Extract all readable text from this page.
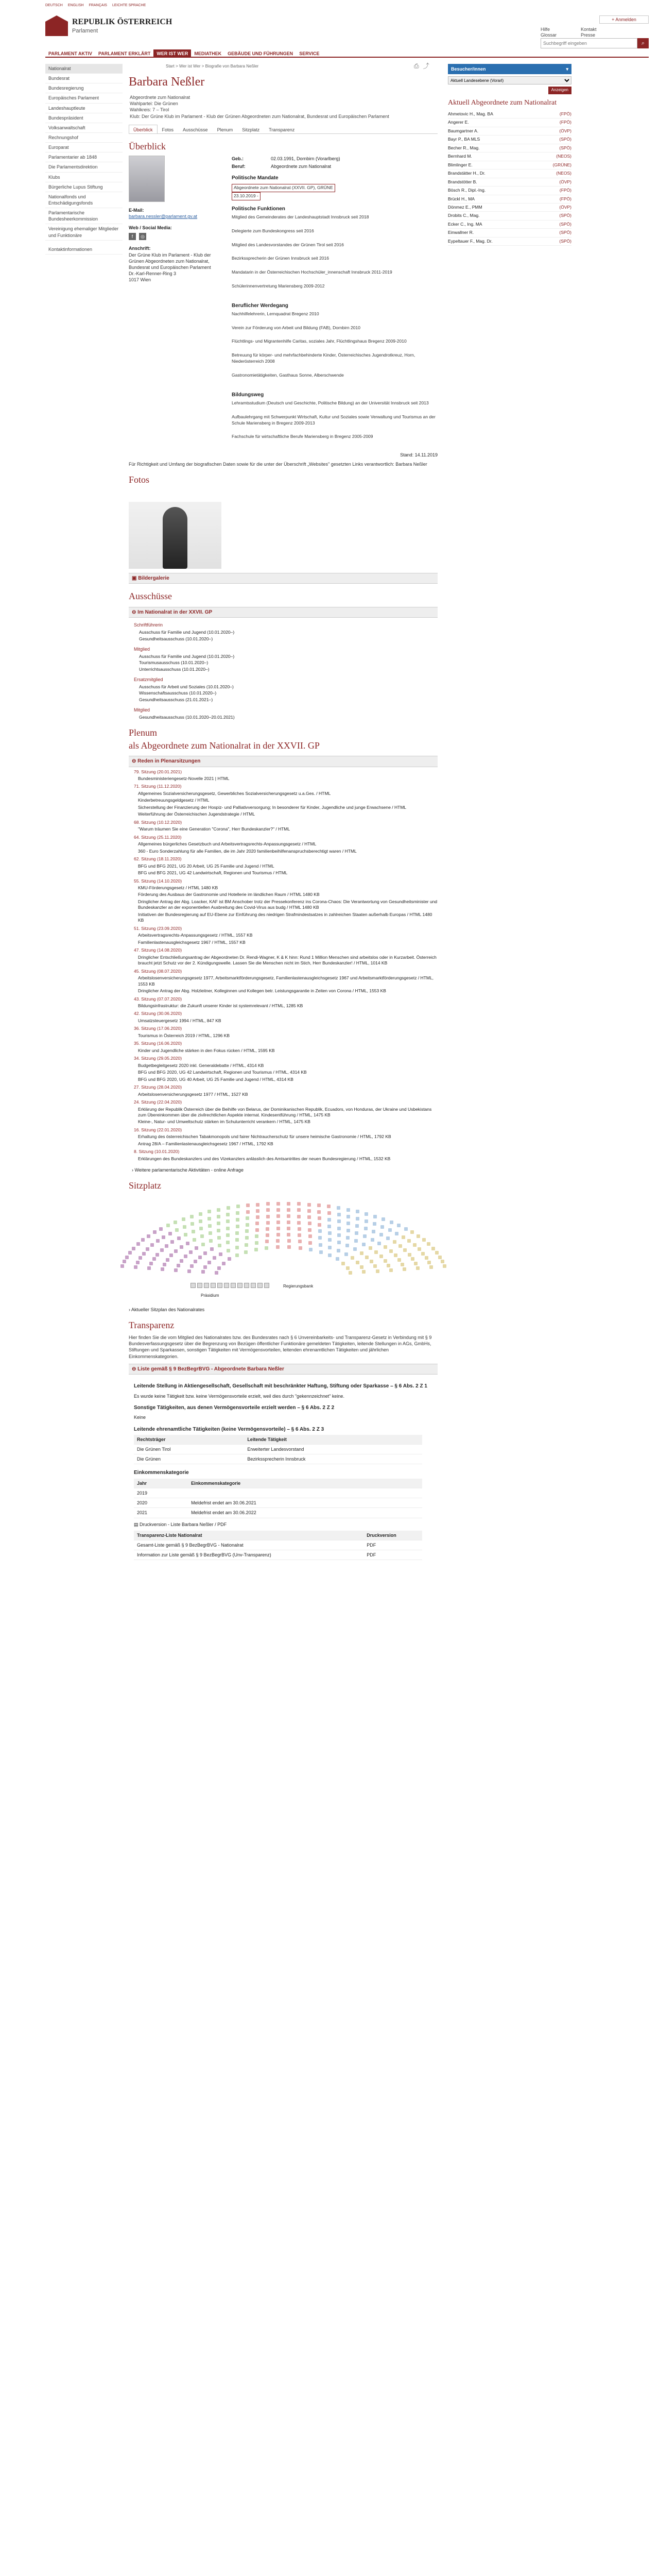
DEUTSCH ENGLISH FRANÇAIS LEICHTE SPRACHE
REPUBLIK ÖSTERREICH
Parlament
+ Anmelden
Hilfe
Glossar
Kontakt
Presse
Suchbegriff eingeben
⌕
PARLAMENT AKTIV	PARLAMENT ERKLÄRT	WER IST WER	MEDIATHEK	GEBÄUDE UND FÜHRUNGEN	SERVICE
Nationalrat
Bundesrat
Bundesregierung
Europäisches Parlament
Landeshauptleute
Bundespräsident
Volksanwaltschaft
Rechnungshof
Europarat
Parlamentarier ab 1848
Die Parlamentsdirektion
Klubs
Bürgerliche Lupus Stiftung
Nationalfonds und Entschädigungsfonds
Parlamentarische Bundesheerkommission
Vereinigung ehemaliger Mitglieder und Funktionäre
Kontaktinformationen
Start > Wer ist Wer > Biografie von Barbara Neßler	⎙ ⤴
Barbara Neßler
Abgeordnete zum Nationalrat
Wahlpartei: Die Grünen
Wahlkreis: 7 – Tirol
Klub: Der Grüne Klub im Parlament - Klub der Grünen Abgeordneten zum Nationalrat, Bundesrat und Europäischen Parlament
Überblick	Fotos	Ausschüsse	Plenum	Sitzplatz	Transparenz
Überblick
E-Mail:
barbara.nessler@parlament.gv.at
Web / Social Media:
f	◎
Anschrift:
Der Grüne Klub im Parlament - Klub der Grünen Abgeordneten zum Nationalrat, Bundesrat und Europäischen Parlament
Dr.-Karl-Renner-Ring 3
1017 Wien
Geb.:	02.03.1991, Dornbirn (Vorarlberg)
Beruf:	Abgeordnete zum Nationalrat
Politische Mandate
Abgeordnete zum Nationalrat (XXVII. GP), GRÜNE
23.10.2019 -

Politische Funktionen
Mitglied des Gemeinderates der Landeshauptstadt Innsbruck seit 2018

Delegierte zum Bundeskongress seit 2016

Mitglied des Landesvorstandes der Grünen Tirol seit 2016

Bezirkssprecherin der Grünen Innsbruck seit 2016

Mandatarin in der Österreichischen Hochschüler_innenschaft Innsbruck 2011-2019

Schülerinnenvertretung Mariensberg 2009-2012

Beruflicher Werdegang
Nachhilfelehrerin, Lernquadrat Bregenz 2010

Verein zur Förderung von Arbeit und Bildung (FAB), Dornbirn 2010

Flüchtlings- und Migrantenhilfe Caritas, soziales Jahr, Flüchtlingshaus Bregenz 2009-2010

Betreuung für körper- und mehrfachbehinderte Kinder, Österreichisches Jugendrotkreuz, Horn, Niederösterreich 2008

Gastronomietätigkeiten, Gasthaus Sonne, Alberschwende

Bildungsweg
Lehramtsstudium (Deutsch und Geschichte, Politische Bildung) an der Universität Innsbruck seit 2013

Aufbaulehrgang mit Schwerpunkt Wirtschaft, Kultur und Soziales sowie Verwaltung und Tourismus an der Schule Mariensberg in Bregenz 2009-2013

Fachschule für wirtschaftliche Berufe Mariensberg in Bregenz 2005-2009

Stand: 14.11.2019
Für Richtigkeit und Umfang der biografischen Daten sowie für die unter der Überschrift „Websites" gesetzten Links verantwortlich: Barbara Neßler
Fotos
▣ Bildergalerie
Ausschüsse
⊖ Im Nationalrat in der XXVII. GP
Schriftführerin
Ausschuss für Familie und Jugend (10.01.2020–)
Gesundheitsausschuss (10.01.2020–)
Mitglied
Ausschuss für Familie und Jugend (10.01.2020–)
Tourismusausschuss (10.01.2020–)
Unterrichtsausschuss (10.01.2020–)
Ersatzmitglied
Ausschuss für Arbeit und Soziales (10.01.2020–)
Wissenschaftsausschuss (10.01.2020–)
Gesundheitsausschuss (21.01.2021–)
Mitglied
Gesundheitsausschuss (10.01.2020–20.01.2021)
Plenum
als Abgeordnete zum Nationalrat in der XXVII. GP
⊖ Reden in Plenarsitzungen
79. Sitzung (20.01.2021)
Bundesministeriengesetz-Novelle 2021 | HTML
71. Sitzung (11.12.2020)
Allgemeines Sozialversicherungsgesetz, Gewerbliches Sozialversicherungsgesetz u.a.Ges. / HTML
Kinderbetreuungsgeldgesetz / HTML
Sicherstellung der Finanzierung der Hospiz- und Palliativversorgung; In besonderer für Kinder, Jugendliche und junge Erwachsene / HTML
Weiterführung der Österreichischen Jugendstrategie / HTML
68. Sitzung (10.12.2020)
"Warum träumen Sie eine Generation "Corona", Herr Bundeskanzler?" / HTML
64. Sitzung (25.11.2020)
Allgemeines bürgerliches Gesetzbuch und Arbeitsvertragsrechts-Anpassungsgesetz / HTML
360 - Euro Sonderzahlung für alle Familien, die im Jahr 2020 familienbeihilfenanspruchsberechtigt waren / HTML
62. Sitzung (18.11.2020)
BFG und BFG 2021, UG 20 Arbeit, UG 25 Familie und Jugend / HTML
BFG und BFG 2021, UG 42 Landwirtschaft, Regionen und Tourismus / HTML
55. Sitzung (14.10.2020)
KMU-Förderungsgesetz / HTML 1480 KB
Förderung des Ausbaus der Gastronomie und Hotellerie im ländlichen Raum / HTML 1480 KB
Dringlicher Antrag der Abg. Loacker, KAF ist BM Anschober trotz der Pressekonferenz ins Corona-Chaos: Die Verantwortung von Gesundheitsminister und Bundeskanzler an der exponentiellen Ausbreitung des Covid-Virus aus budg / HTML 1480 KB
Initiativen der Bundesregierung auf EU-Ebene zur Einführung des niedrigen Strafmindestsatzes in zahlreichen Staaten außerhalb Europas / HTML 1480 KB
51. Sitzung (23.09.2020)
Arbeitsvertragsrechts-Anpassungsgesetz / HTML, 1557 KB
Familienlastenausgleichsgesetz 1967 / HTML, 1557 KB
47. Sitzung (14.08.2020)
Dringlicher Entschließungsantrag der Abgeordneten Dr. Rendi-Wagner, K & K hinn: Rund 1 Million Menschen sind arbeitslos oder in Kurzarbeit. Österreich braucht jetzt Schutz vor der 2. Kündigungswelle. Lassen Sie die Menschen nicht im Stich, Herr Bundeskanzler! / HTML, 1014 KB
45. Sitzung (08.07.2020)
Arbeitslosenversicherungsgesetz 1977, Arbeitsmarktförderungsgesetz, Familienlastenausgleichsgesetz 1967 und Arbeitsmarktförderungsgesetz / HTML, 1553 KB
Dringlicher Antrag der Abg. Holzleitner, Kolleginnen und Kollegen betr. Leistungsgarantie in Zeiten von Corona / HTML, 1553 KB
43. Sitzung (07.07.2020)
Bildungsinfrastruktur: die Zukunft unserer Kinder ist systemrelevant / HTML, 1285 KB
42. Sitzung (30.06.2020)
Umsatzsteuergesetz 1994 / HTML, 847 KB
36. Sitzung (17.06.2020)
Tourismus in Österreich 2019 / HTML, 1296 KB
35. Sitzung (16.06.2020)
Kinder und Jugendliche stärken in den Fokus rücken / HTML, 1595 KB
34. Sitzung (29.05.2020)
Budgetbegleitgesetz 2020 inkl. Generaldebatte / HTML, 4314 KB
BFG und BFG 2020, UG 42 Landwirtschaft, Regionen und Tourismus / HTML, 4314 KB
BFG und BFG 2020, UG 40 Arbeit, UG 25 Familie und Jugend / HTML, 4314 KB
27. Sitzung (28.04.2020)
Arbeitslosenversicherungsgesetz 1977 / HTML, 1527 KB
24. Sitzung (22.04.2020)
Erklärung der Republik Österreich über die Beihilfe von Belarus, der Dominikanischen Republik, Ecuadors, von Honduras, der Ukraine und Usbekistans zum Übereinkommen über die zivilrechtlichen Aspekte internat. Kindesentführung / HTML, 1475 KB
Kleine-, Natur- und Umweltschutz stärken im Schulunterricht verankern / HTML, 1475 KB
16. Sitzung (22.01.2020)
Erhaltung des österreichischen Tabakmonopols und fairer Nichtraucherschutz für unsere heimische Gastronomie / HTML, 1792 KB
Antrag 28/A – Familienlastenausgleichsgesetz 1967 / HTML, 1792 KB
8. Sitzung (10.01.2020)
Erklärungen des Bundeskanzlers und des Vizekanzlers anlässlich des Amtsantrittes der neuen Bundesregierung / HTML, 1532 KB
› Weitere parlamentarische Aktivitäten - online Anfrage
Sitzplatz
Regierungsbank
Präsidium
› Aktueller Sitzplan des Nationalrates
Transparenz
Hier finden Sie die vom Mitglied des Nationalrates bzw. des Bundesrates nach § 6 Unvereinbarkeits- und Transparenz-Gesetz in Verbindung mit § 9 Bundesverfassungsgesetz über die Begrenzung von Bezügen öffentlicher Funktionäre gemeldeten Tätigkeiten, leitende Stellungen in AGs, GmbHs, Stiftungen und Sparkassen, sonstigen Tätigkeiten mit Vermögensvorteilen, leitenden ehrenamtlichen Tätigkeiten und jährlichen Einkommenskategorien.
⊖ Liste gemäß § 9 BezBegrBVG - Abgeordnete Barbara Neßler
Leitende Stellung in Aktiengesellschaft, Gesellschaft mit beschränkter Haftung, Stiftung oder Sparkasse – § 6 Abs. 2 Z 1
Es wurde keine Tätigkeit bzw. keine Vermögensvorteile erzielt, weil dies durch "gekennzeichnet" keine.
Sonstige Tätigkeiten, aus denen Vermögensvorteile erzielt werden – § 6 Abs. 2 Z 2
Keine
Leitende ehrenamtliche Tätigkeiten (keine Vermögensvorteile) – § 6 Abs. 2 Z 3
Rechtsträger	Leitende Tätigkeit
Die Grünen Tirol	Erweiterter Landesvorstand
Die Grünen	Bezirkssprecherin Innsbruck
Einkommenskategorie
Jahr	Einkommenskategorie
2019	
2020	Meldefrist endet am 30.06.2021
2021	Meldefrist endet am 30.06.2022
▤ Druckversion - Liste Barbara Neßler / PDF
Transparenz-Liste Nationalrat	Druckversion
Gesamt-Liste gemäß § 9 BezBegrBVG - Nationalrat	PDF
Information zur Liste gemäß § 9 BezBegrBVG (Unv-Transparenz)	PDF
Besucher/innen	▾
Aktuell Landesebene (Vorarl)
Anzeigen
Aktuell Abgeordnete zum Nationalrat
Ahmetovic H., Mag. BA	(FPÖ)
Angerer E.	(FPÖ)
Baumgartner A.	(ÖVP)
Bayr P., BA MLS	(SPÖ)
Becher R., Mag.	(SPÖ)
Bernhard M.	(NEOS)
Blimlinger E.	(GRÜNE)
Brandstätter H., Dr.	(NEOS)
Brandstötter B.	(ÖVP)
Bösch R., Dipl.-Ing.	(FPÖ)
Brückl H., MA	(FPÖ)
Dönmez E., PMM	(ÖVP)
Drobits C., Mag.	(SPÖ)
Ecker C., Ing. MA	(SPÖ)
Einwallner R.	(SPÖ)
Eypeltauer F., Mag. Dr.	(SPÖ)
